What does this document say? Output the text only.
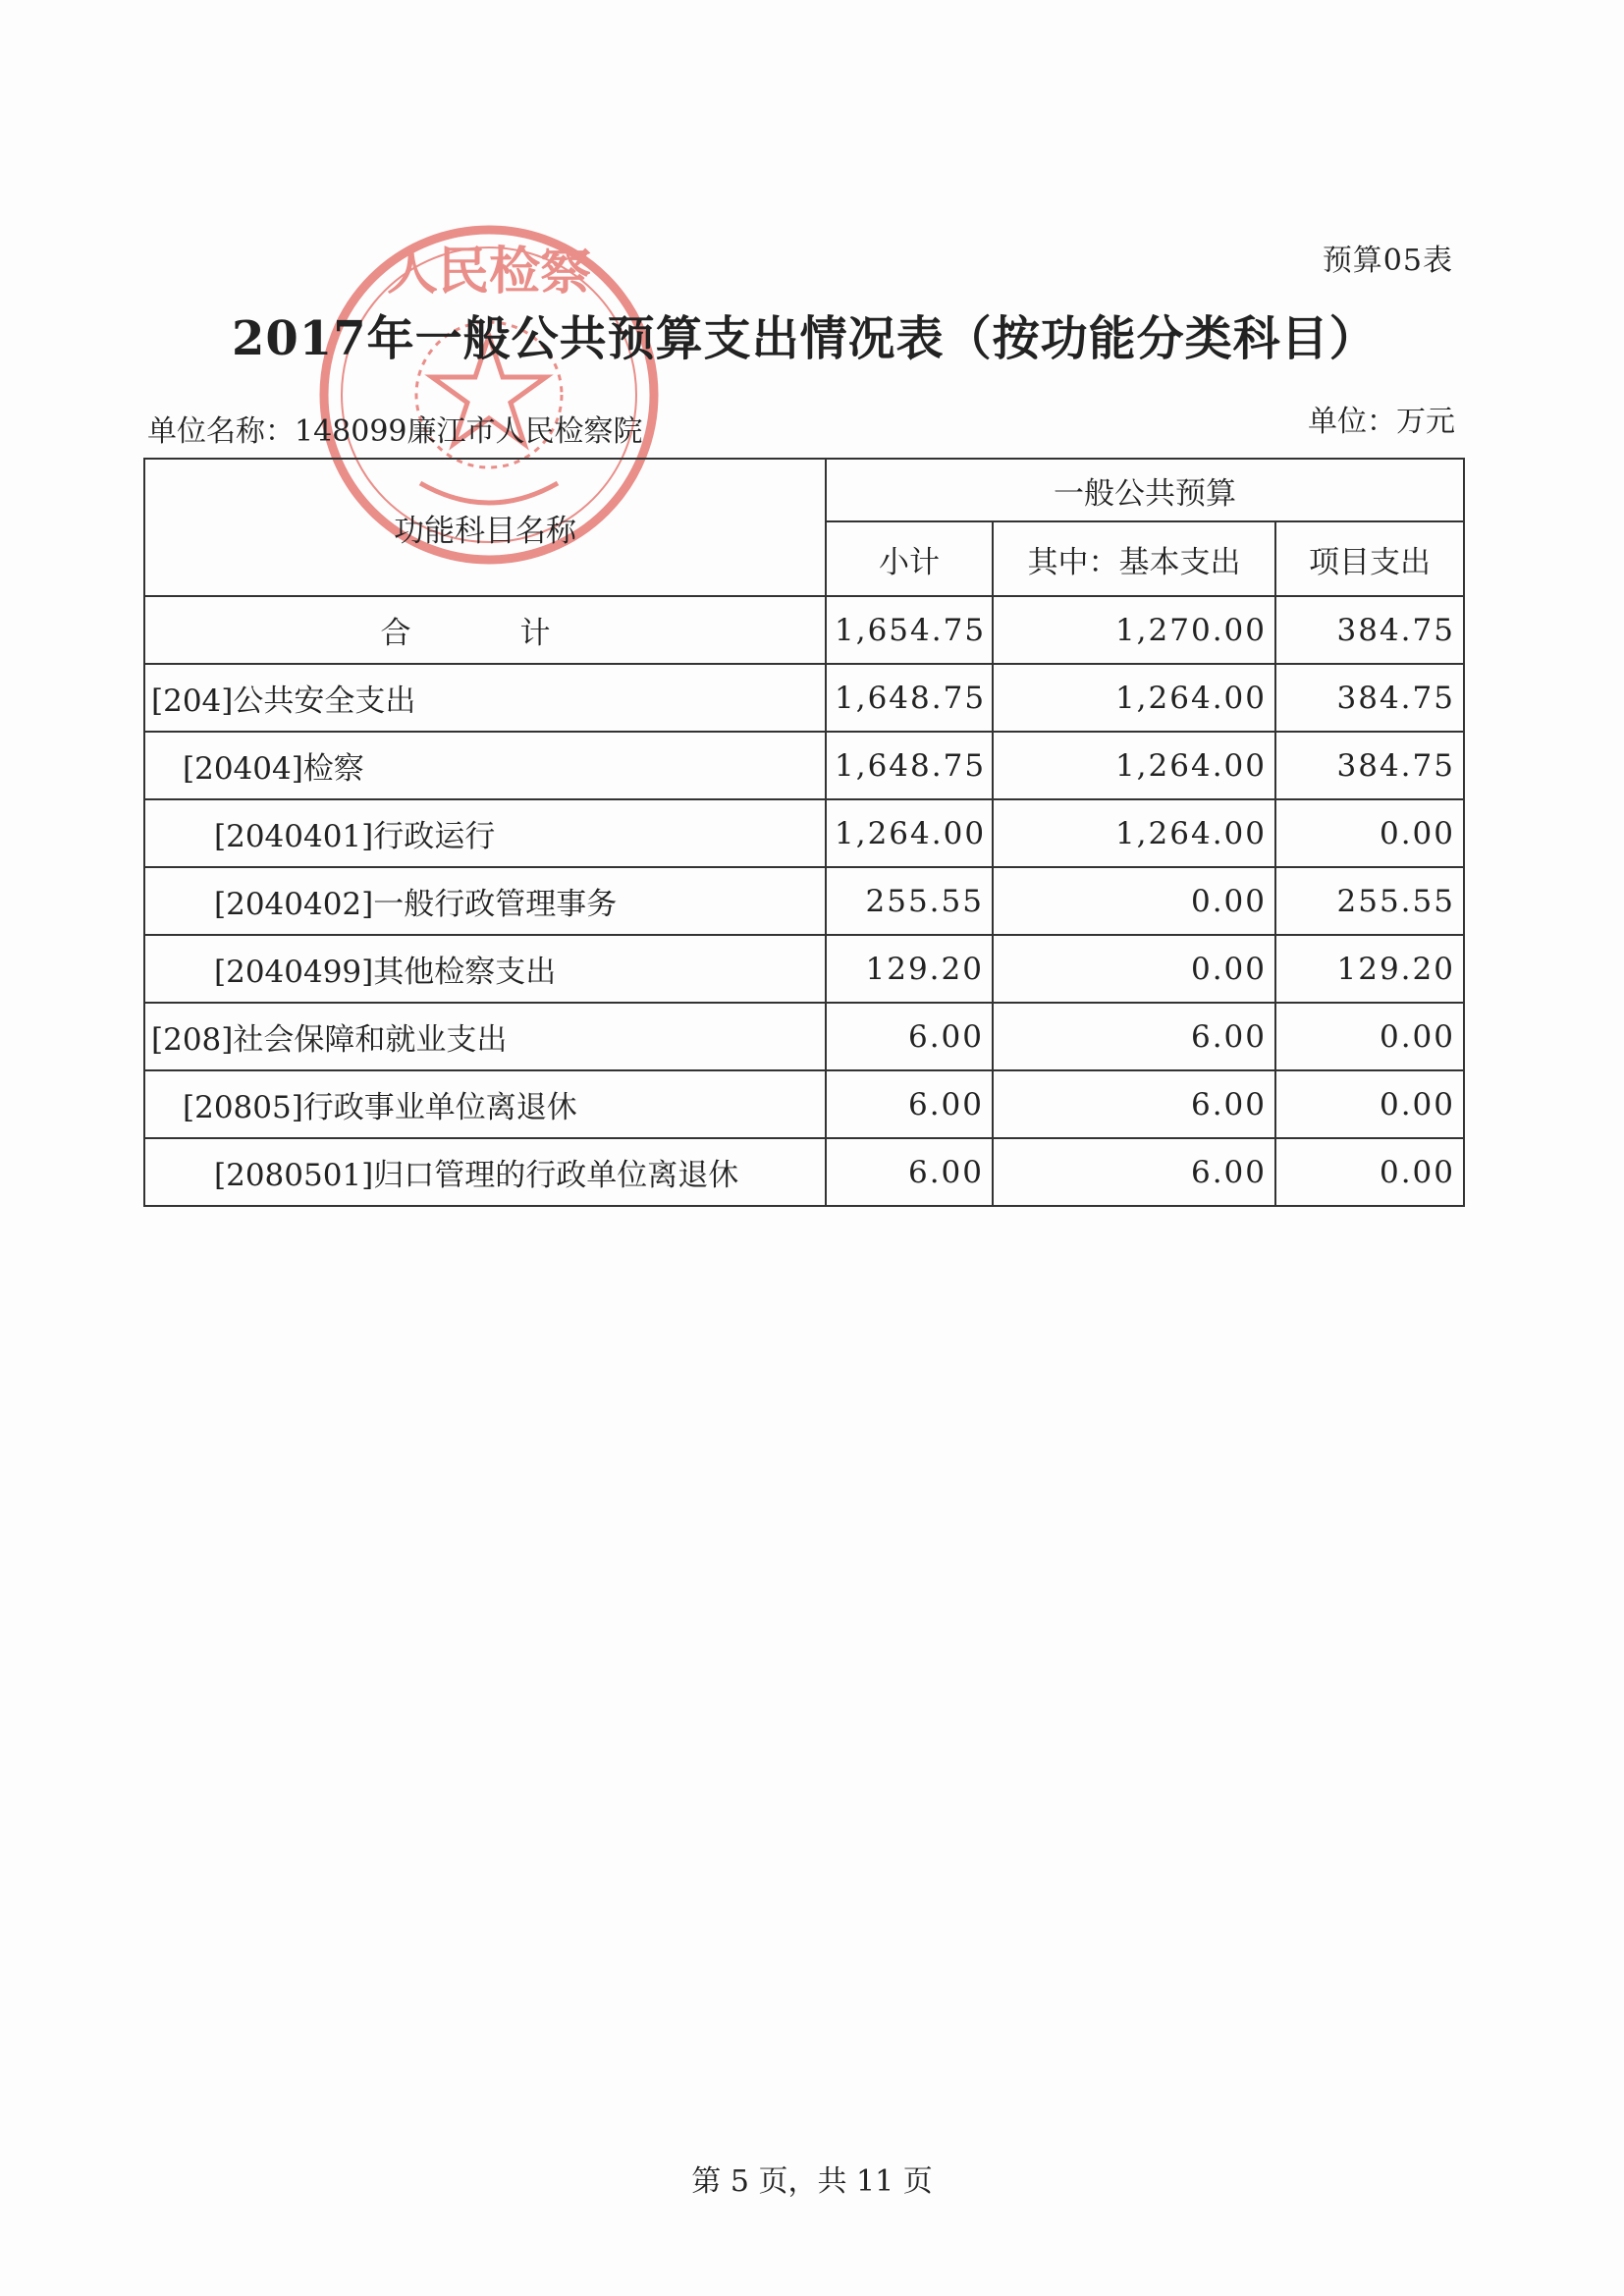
预算05表
人民检察
2017年一般公共预算支出情况表（按功能分类科目）
单位名称：148099廉江市人民检察院	单位：万元
功能科目名称	一般公共预算		
	小计	其中：基本支出	项目支出
合　计	1,654.75	1,270.00	384.75
[204]公共安全支出	1,648.75	1,264.00	384.75
[20404]检察	1,648.75	1,264.00	384.75
[2040401]行政运行	1,264.00	1,264.00	0.00
[2040402]一般行政管理事务	255.55	0.00	255.55
[2040499]其他检察支出	129.20	0.00	129.20
[208]社会保障和就业支出	6.00	6.00	0.00
[20805]行政事业单位离退休	6.00	6.00	0.00
[2080501]归口管理的行政单位离退休	6.00	6.00	0.00
第 5 页，共 11 页
